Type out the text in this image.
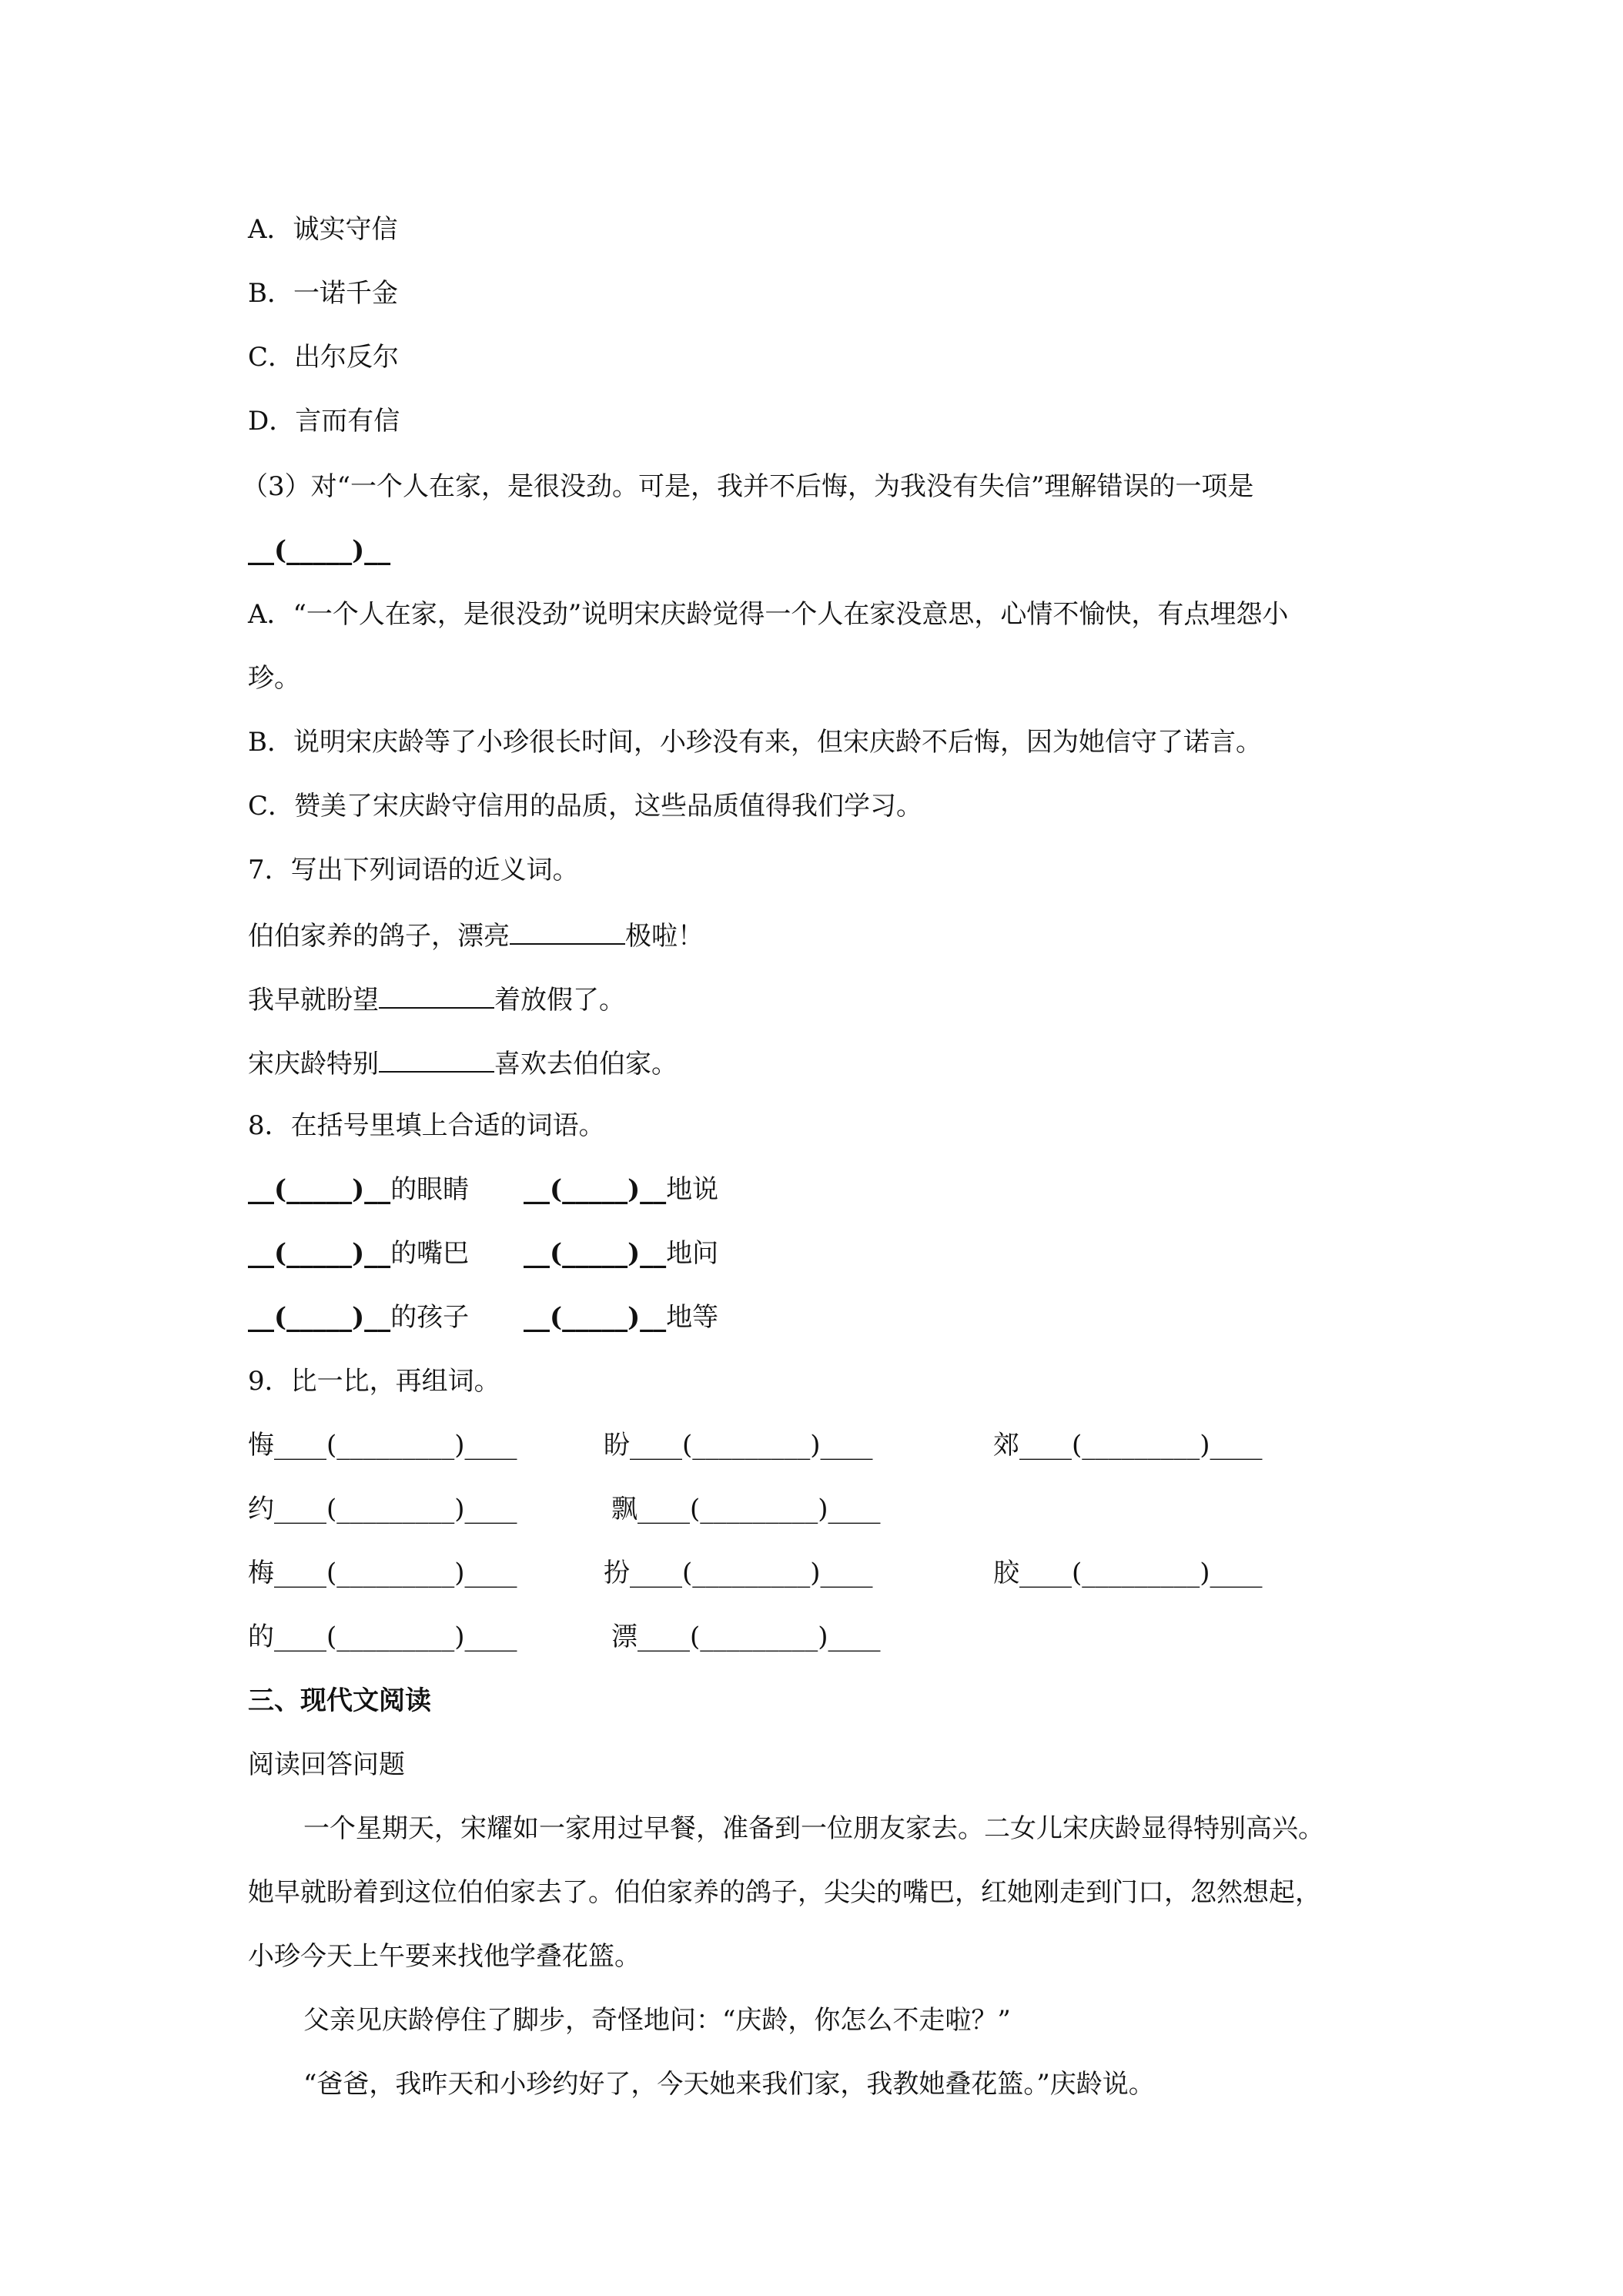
A．诚实守信

B．一诺千金

C．出尔反尔

D．言而有信

（3）对“一个人在家，是很没劲。可是，我并不后悔，为我没有失信”理解错误的一项是

__(_____)__

A．“一个人在家，是很没劲”说明宋庆龄觉得一个人在家没意思，心情不愉快，有点埋怨小

珍。

B．说明宋庆龄等了小珍很长时间，小珍没有来，但宋庆龄不后悔，因为她信守了诺言。

C．赞美了宋庆龄守信用的品质，这些品质值得我们学习。

7．写出下列词语的近义词。

伯伯家养的鸽子，漂亮	极啦！

我早就盼望	着放假了。

宋庆龄特别	喜欢去伯伯家。

8．在括号里填上合适的词语。

__(_____)__的眼睛 __(_____)__地说

__(_____)__的嘴巴 __(_____)__地问

__(_____)__的孩子 __(_____)__地等

9．比一比，再组词。

悔____(_________)____	盼____(_________)____	郊____(_________)____

约____(_________)____	飘____(_________)____

梅____(_________)____	扮____(_________)____	胶____(_________)____

的____(_________)____	漂____(_________)____

三、现代文阅读

阅读回答问题

一个星期天，宋耀如一家用过早餐，准备到一位朋友家去。二女儿宋庆龄显得特别高兴。

她早就盼着到这位伯伯家去了。伯伯家养的鸽子，尖尖的嘴巴，红她刚走到门口，忽然想起，

小珍今天上午要来找他学叠花篮。

父亲见庆龄停住了脚步，奇怪地问：“庆龄，你怎么不走啦？”

“爸爸，我昨天和小珍约好了，今天她来我们家，我教她叠花篮。”庆龄说。
